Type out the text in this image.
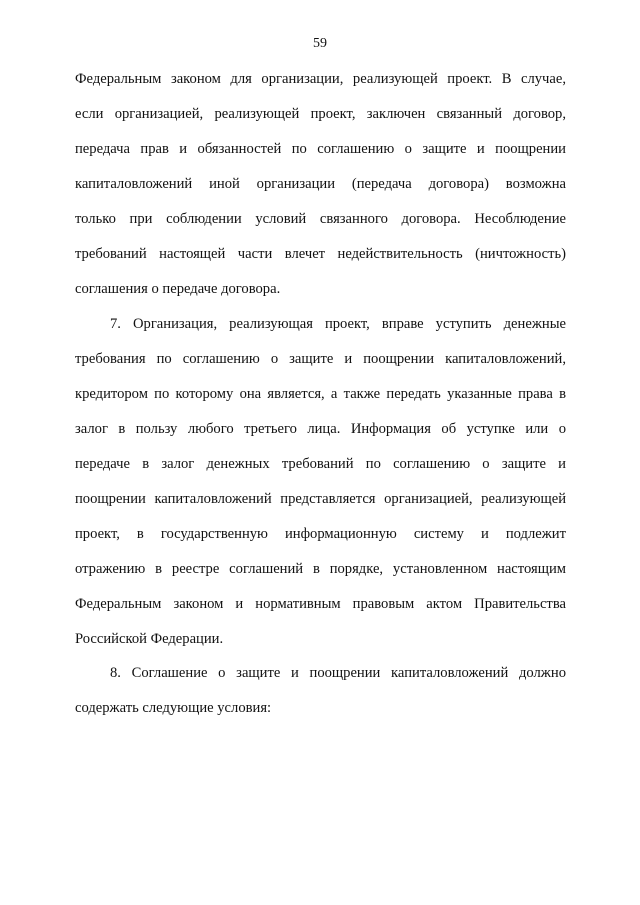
59
Федеральным законом для организации, реализующей проект. В случае,
если организацией, реализующей проект, заключен связанный договор,
передача прав и обязанностей по соглашению о защите и поощрении
капиталовложений иной организации (передача договора) возможна
только при соблюдении условий связанного договора. Несоблюдение
требований настоящей части влечет недействительность (ничтожность)
соглашения о передаче договора.
7. Организация, реализующая проект, вправе уступить денежные
требования по соглашению о защите и поощрении капиталовложений,
кредитором по которому она является, а также передать указанные права в
залог в пользу любого третьего лица. Информация об уступке или о
передаче в залог денежных требований по соглашению о защите и
поощрении капиталовложений представляется организацией, реализующей
проект, в государственную информационную систему и подлежит
отражению в реестре соглашений в порядке, установленном настоящим
Федеральным законом и нормативным правовым актом Правительства
Российской Федерации.
8. Соглашение о защите и поощрении капиталовложений должно
содержать следующие условия:
